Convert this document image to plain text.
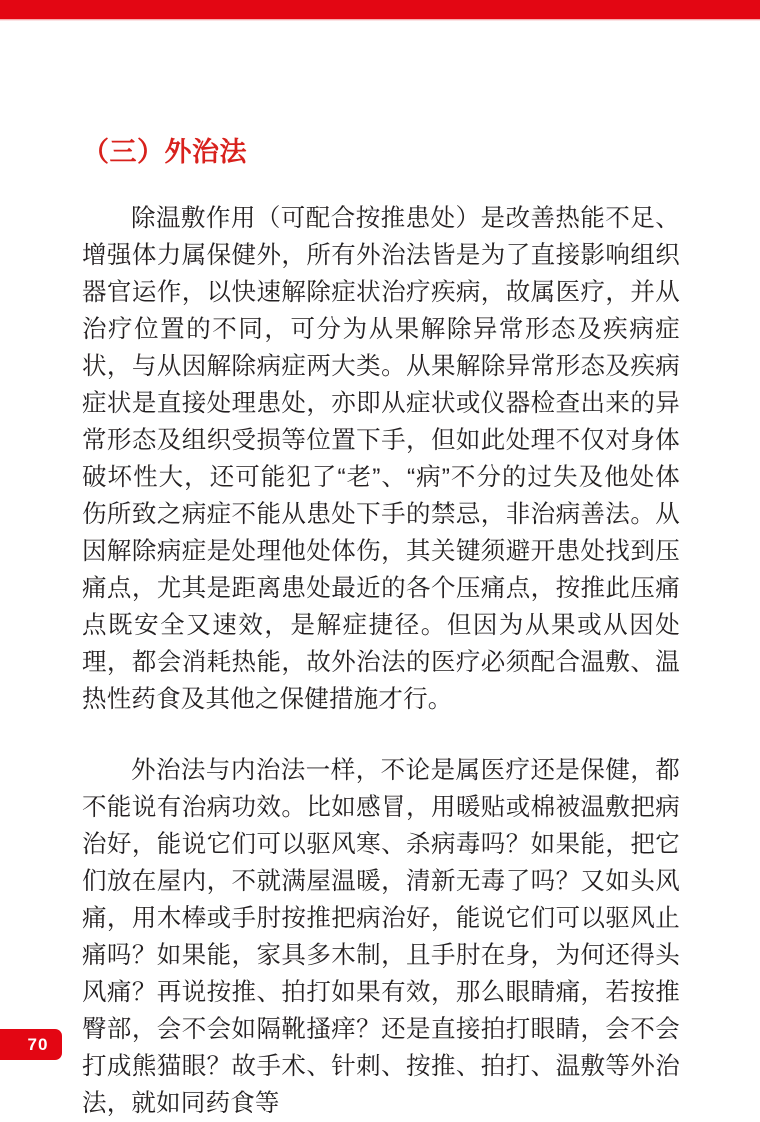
（三）外治法

除温敷作用（可配合按推患处）是改善热能不足、增强体力属保健外，所有外治法皆是为了直接影响组织器官运作，以快速解除症状治疗疾病，故属医疗，并从治疗位置的不同，可分为从果解除异常形态及疾病症状，与从因解除病症两大类。从果解除异常形态及疾病症状是直接处理患处，亦即从症状或仪器检查出来的异常形态及组织受损等位置下手，但如此处理不仅对身体破坏性大，还可能犯了“老”、“病”不分的过失及他处体伤所致之病症不能从患处下手的禁忌，非治病善法。从因解除病症是处理他处体伤，其关键须避开患处找到压痛点，尤其是距离患处最近的各个压痛点，按推此压痛点既安全又速效，是解症捷径。但因为从果或从因处理，都会消耗热能，故外治法的医疗必须配合温敷、温热性药食及其他之保健措施才行。

外治法与内治法一样，不论是属医疗还是保健，都不能说有治病功效。比如感冒，用暖贴或棉被温敷把病治好，能说它们可以驱风寒、杀病毒吗？如果能，把它们放在屋内，不就满屋温暖，清新无毒了吗？又如头风痛，用木棒或手肘按推把病治好，能说它们可以驱风止痛吗？如果能，家具多木制，且手肘在身，为何还得头风痛？再说按推、拍打如果有效，那么眼睛痛，若按推臀部，会不会如隔靴搔痒？还是直接拍打眼睛，会不会打成熊猫眼？故手术、针刺、按推、拍打、温敷等外治法，就如同药食等

70
